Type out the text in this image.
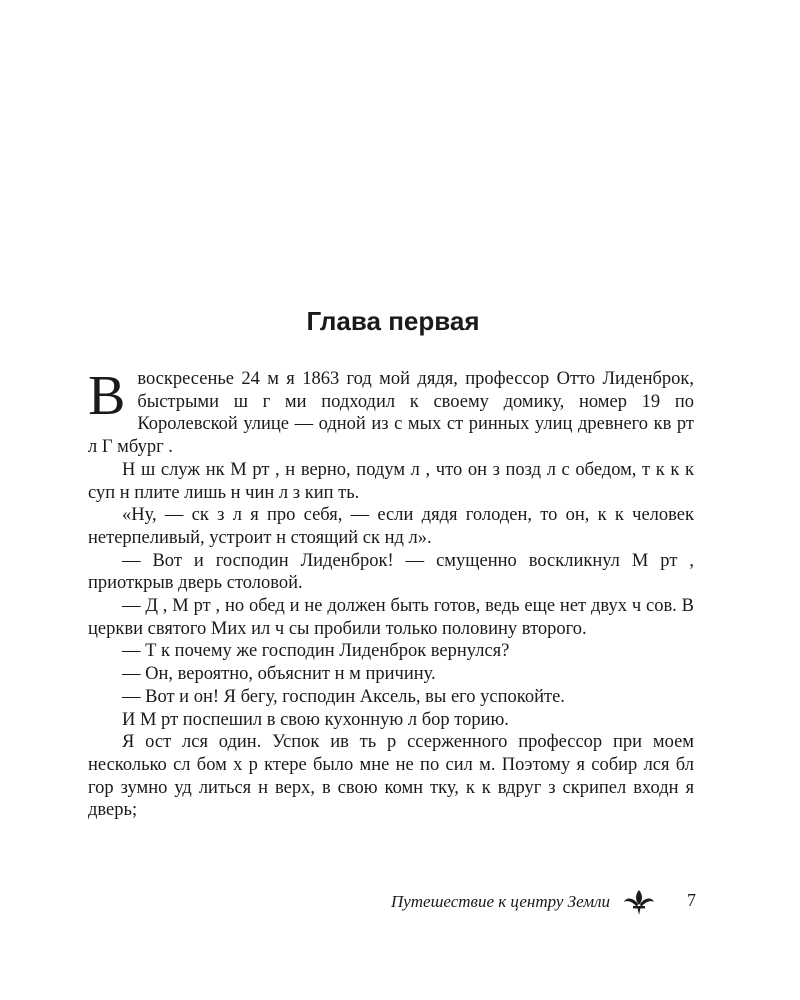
Глава первая

Ввоскресенье 24 м я 1863 год мой дядя, профессор Отто Лиденброк, быстрыми ш г ми подходил к своему домику, номер 19 по Королевской улице — одной из с мых ст ринных улиц древнего кв рт л Г мбург .

Н ш служ нк М рт , н верно, подум л , что он з позд л с обедом, т к к к суп н плите лишь н чин л з кип ть.

«Ну, — ск з л я про себя, — если дядя голоден, то он, к к человек нетерпеливый, устроит н стоящий ск нд л».

— Вот и господин Лиденброк! — смущенно воскликнул М рт , приоткрыв дверь столовой.

— Д , М рт , но обед и не должен быть готов, ведь еще нет двух ч сов. В церкви святого Мих ил ч сы пробили только половину второго.

— Т к почему же господин Лиденброк вернулся?

— Он, вероятно, объяснит н м причину.

— Вот и он! Я бегу, господин Аксель, вы его успокойте.

И М рт поспешил в свою кухонную л бор торию.

Я ост лся один. Успок ив ть р ссерженного профессор при моем несколько сл бом х р ктере было мне не по сил м. Поэтому я собир лся бл гор зумно уд литься н верх, в свою комн тку, к к вдруг з скрипел входн я дверь;

Путешествие к центру Земли	7
